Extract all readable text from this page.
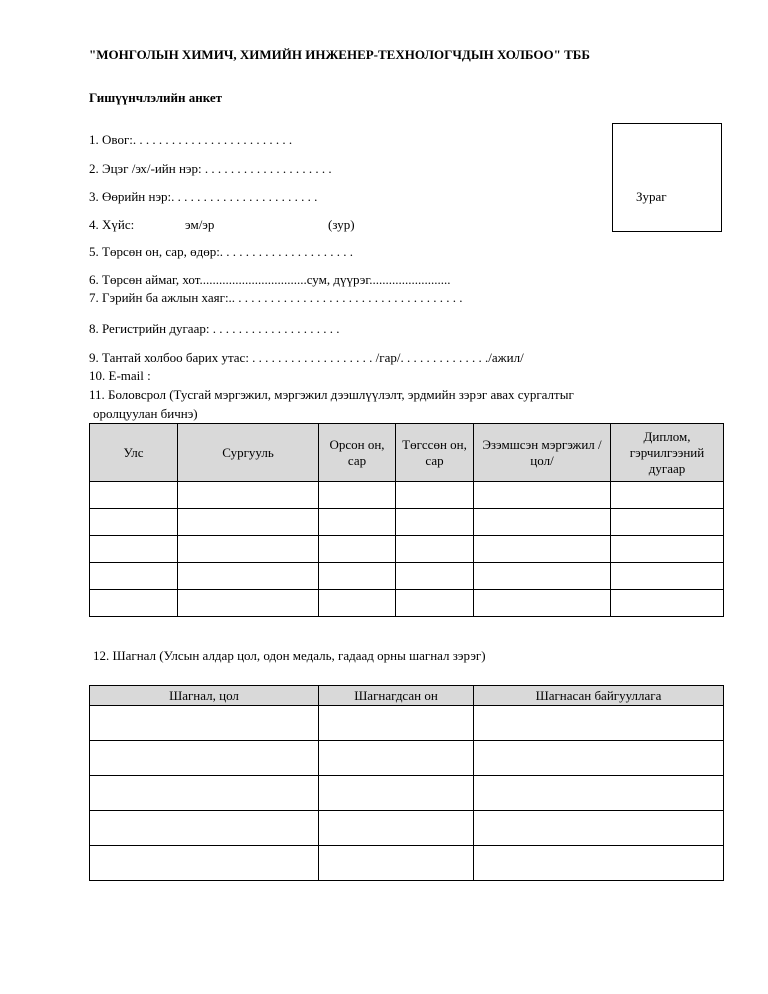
"МОНГОЛЫН ХИМИЧ, ХИМИЙН ИНЖЕНЕР-ТЕХНОЛОГЧДЫН ХОЛБОО" ТББ
Гишүүнчлэлийн анкет
Зураг
1. Овог:. . . . . . . . . . . . . . . . . . . . . . . . .
2. Эцэг /эх/-ийн нэр: . . . . . . . . . . . . . . . . . . . .
3. Өөрийн нэр:. . . . . . . . . . . . . . . . . . . . . . .
4. Хүйс:	эм/эр	(зур)
5. Төрсөн он, сар, өдөр:. . . . . . . . . . . . . . . . . . . . .
6. Төрсөн аймаг, хот.................................сум, дүүрэг.........................
7. Гэрийн ба ажлын хаяг:.. . . . . . . . . . . . . . . . . . . . . . . . . . . . . . . . . . . .
8. Регистрийн дугаар: . . . . . . . . . . . . . . . . . . . .
9. Тантай холбоо барих утас: . . . . . . . . . . . . . . . . . . . /гар/. . . . . . . . . . . . . ./ажил/
10. E-mail :
11. Боловсрол (Тусгай мэргэжил, мэргэжил дээшлүүлэлт, эрдмийн зэрэг авах сургалтыг
оролцуулан бичнэ)
Улс	Сургууль	Орсон он, сар	Төгссөн он, сар	Эзэмшсэн мэргэжил /цол/	Диплом, гэрчилгээний дугаар

12. Шагнал (Улсын алдар цол, одон медаль, гадаад орны шагнал зэрэг)
Шагнал, цол	Шагнагдсан он	Шагнасан байгууллага
